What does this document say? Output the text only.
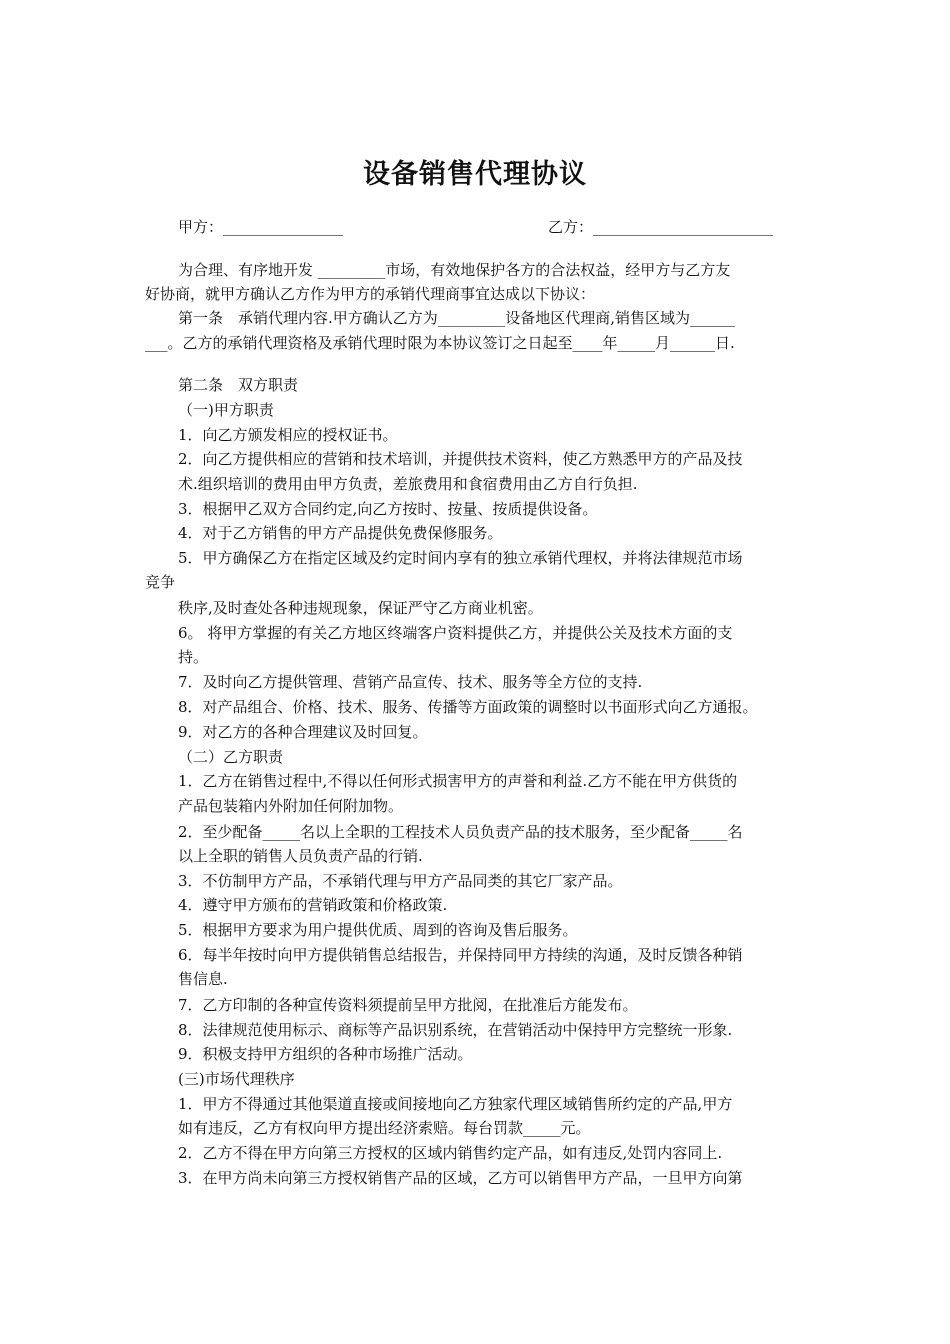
设备销售代理协议
甲方：________________	乙方：________________________
为合理、有序地开发 _________市场，有效地保护各方的合法权益，经甲方与乙方友
好协商，就甲方确认乙方作为甲方的承销代理商事宜达成以下协议：
第一条　承销代理内容.甲方确认乙方为_________设备地区代理商,销售区域为______
___。乙方的承销代理资格及承销代理时限为本协议签订之日起至____年_____月______日.
第二条　双方职责
（一)甲方职责
1．向乙方颁发相应的授权证书。
2．向乙方提供相应的营销和技术培训，并提供技术资料，使乙方熟悉甲方的产品及技
术.组织培训的费用由甲方负责，差旅费用和食宿费用由乙方自行负担.
3．根据甲乙双方合同约定,向乙方按时、按量、按质提供设备。
4．对于乙方销售的甲方产品提供免费保修服务。
5．甲方确保乙方在指定区域及约定时间内享有的独立承销代理权，并将法律规范市场
竞争
秩序,及时查处各种违规现象，保证严守乙方商业机密。
6。 将甲方掌握的有关乙方地区终端客户资料提供乙方，并提供公关及技术方面的支
持。
7．及时向乙方提供管理、营销产品宣传、技术、服务等全方位的支持.
8．对产品组合、价格、技术、服务、传播等方面政策的调整时以书面形式向乙方通报。
9．对乙方的各种合理建议及时回复。
（二）乙方职责
1．乙方在销售过程中,不得以任何形式损害甲方的声誉和利益.乙方不能在甲方供货的
产品包装箱内外附加任何附加物。
2．至少配备_____名以上全职的工程技术人员负责产品的技术服务，至少配备_____名
以上全职的销售人员负责产品的行销.
3．不仿制甲方产品，不承销代理与甲方产品同类的其它厂家产品。
4．遵守甲方颁布的营销政策和价格政策.
5．根据甲方要求为用户提供优质、周到的咨询及售后服务。
6．每半年按时向甲方提供销售总结报告，并保持同甲方持续的沟通，及时反馈各种销
售信息.
7．乙方印制的各种宣传资料须提前呈甲方批阅，在批准后方能发布。
8．法律规范使用标示、商标等产品识别系统，在营销活动中保持甲方完整统一形象.
9．积极支持甲方组织的各种市场推广活动。
(三)市场代理秩序
1．甲方不得通过其他渠道直接或间接地向乙方独家代理区域销售所约定的产品,甲方
如有违反，乙方有权向甲方提出经济索赔。每台罚款_____元。
2．乙方不得在甲方向第三方授权的区域内销售约定产品，如有违反,处罚内容同上.
3．在甲方尚未向第三方授权销售产品的区域，乙方可以销售甲方产品，一旦甲方向第
